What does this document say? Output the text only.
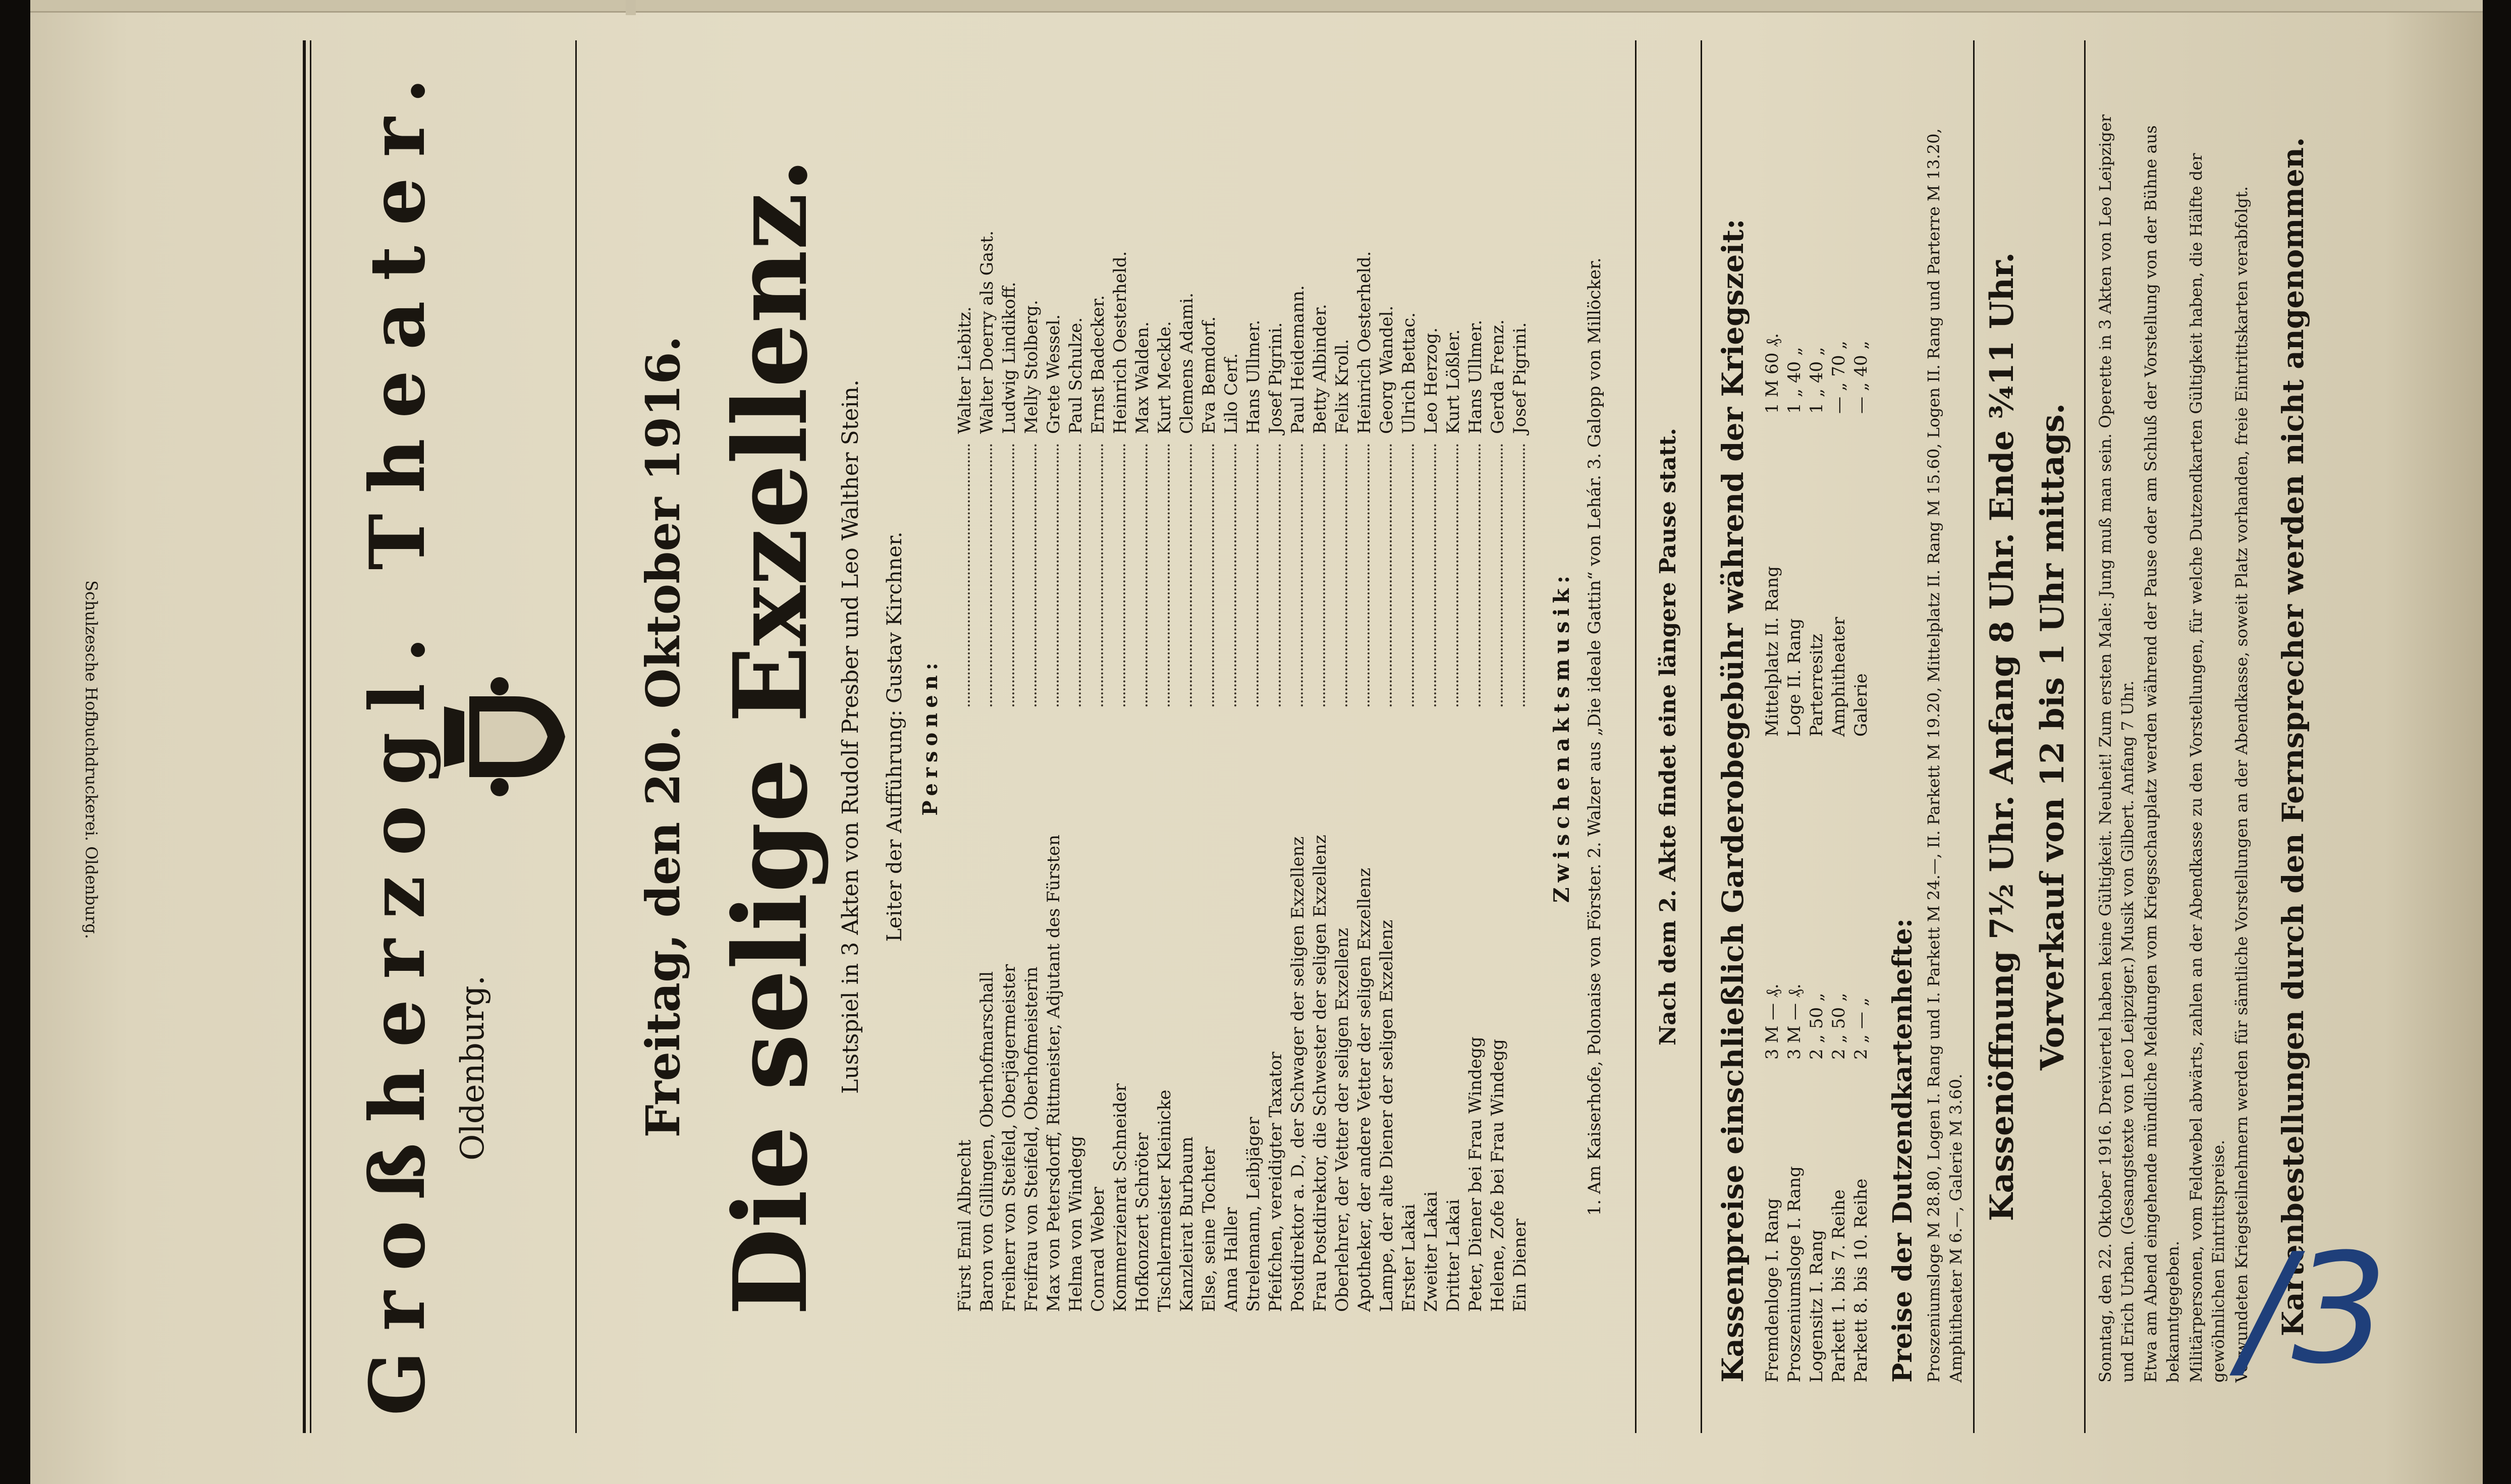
Großherzogl. Theater. Oldenburg.	Freitag, den 20. Oktober 1916. Die selige Exzellenz. Lustspiel in 3 Akten von Rudolf Presber und Leo Walther Stein. Leiter der Aufführung: Gustav Kirchner. Personen:
Fürst Emil Albrecht
Walter Liebitz.
Baron von Gillingen, Oberhofmarschall
Walter Doerry als Gast.
Freiherr von Steifeld, Oberjägermeister
Ludwig Lindikoff.
Freifrau von Steifeld, Oberhofmeisterin
Melly Stolberg.
Max von Petersdorff, Rittmeister, Adjutant des Fürsten
Grete Wessel.
Helma von Windegg
Paul Schulze.
Conrad Weber
Ernst Badecker.
Kommerzienrat Schneider
Heinrich Oesterheld.
Hofkonzert Schröter
Max Walden.
Tischlermeister Kleinicke
Kurt Meckle.
Kanzleirat Burbaum
Clemens Adami.
Else, seine Tochter
Eva Bemdorf.
Anna Haller
Lilo Cerf.
Strelemann, Leibjäger
Hans Ullmer.
Pfeifchen, vereidigter Taxator
Josef Pigrini.
Postdirektor a. D., der Schwager der seligen Exzellenz
Paul Heidemann.
Frau Postdirektor, die Schwester der seligen Exzellenz
Betty Albinder.
Oberlehrer, der Vetter der seligen Exzellenz
Felix Kroll.
Apotheker, der andere Vetter der seligen Exzellenz
Heinrich Oesterheld.
Lampe, der alte Diener der seligen Exzellenz
Georg Wandel.
Erster Lakai
Ulrich Bettac.
Zweiter Lakai
Leo Herzog.
Dritter Lakai
Kurt Lößler.
Peter, Diener bei Frau Windegg
Hans Ullmer.
Helene, Zofe bei Frau Windegg
Gerda Frenz.
Ein Diener
Josef Pigrini.
Zwischenaktsmusik: 1. Am Kaiserhofe, Polonaise von Förster. 2. Walzer aus „Die ideale Gattin“ von Lehár. 3. Galopp von Millöcker. Nach dem 2. Akte findet eine längere Pause statt. Kassenpreise einschließlich Garderobegebühr während der Kriegszeit: Fremdenloge I. Rang
3 M — ₰.
Mittelplatz II. Rang
1 M 60 ₰.
Proszeniumsloge I. Rang
3 M — ₰.
Loge II. Rang
1 „ 40 „
Logensitz I. Rang
2 „ 50 „
Parterresitz
1 „ 40 „
Parkett 1. bis 7. Reihe
2 „ 50 „
Amphitheater
— „ 70 „
Parkett 8. bis 10. Reihe
2 „ — „
Galerie
— „ 40 „
Preise der Dutzendkartenhefte: Proszeniumsloge M 28.80, Logen I. Rang und I. Parkett M 24.—, II. Parkett M 19.20, Mittelplatz II. Rang M 15.60, Logen II. Rang und Parterre M 13.20, Amphitheater M 6.—, Galerie M 3.60.
Kassenöffnung 7½ Uhr. Anfang 8 Uhr. Ende ¾11 Uhr. Vorverkauf von 12 bis 1 Uhr mittags. Sonntag, den 22. Oktober 1916. Dreiviertel haben keine Gültigkeit. Neuheit! Zum ersten Male: Jung muß man sein. Operette in 3 Akten von Leo Leipziger und Erich Urban. (Gesangstexte von Leo Leipziger.) Musik von Gilbert. Anfang 7 Uhr. Etwa am Abend eingehende mündliche Meldungen vom Kriegsschauplatz werden während der Pause oder am Schluß der Vorstellung von der Bühne aus bekanntgegeben. Militärpersonen, vom Feldwebel abwärts, zahlen an der Abendkasse zu den Vorstellungen, für welche Dutzendkarten Gültigkeit haben, die Hälfte der gewöhnlichen Eintrittspreise. Verwundeten Kriegsteilnehmern werden für sämtliche Vorstellungen an der Abendkasse, soweit Platz vorhanden, freie Eintrittskarten verabfolgt. Kartenbestellungen durch den Fernsprecher werden nicht angenommen.
Schulzesche Hofbuchdruckerei. Oldenburg.
/3
